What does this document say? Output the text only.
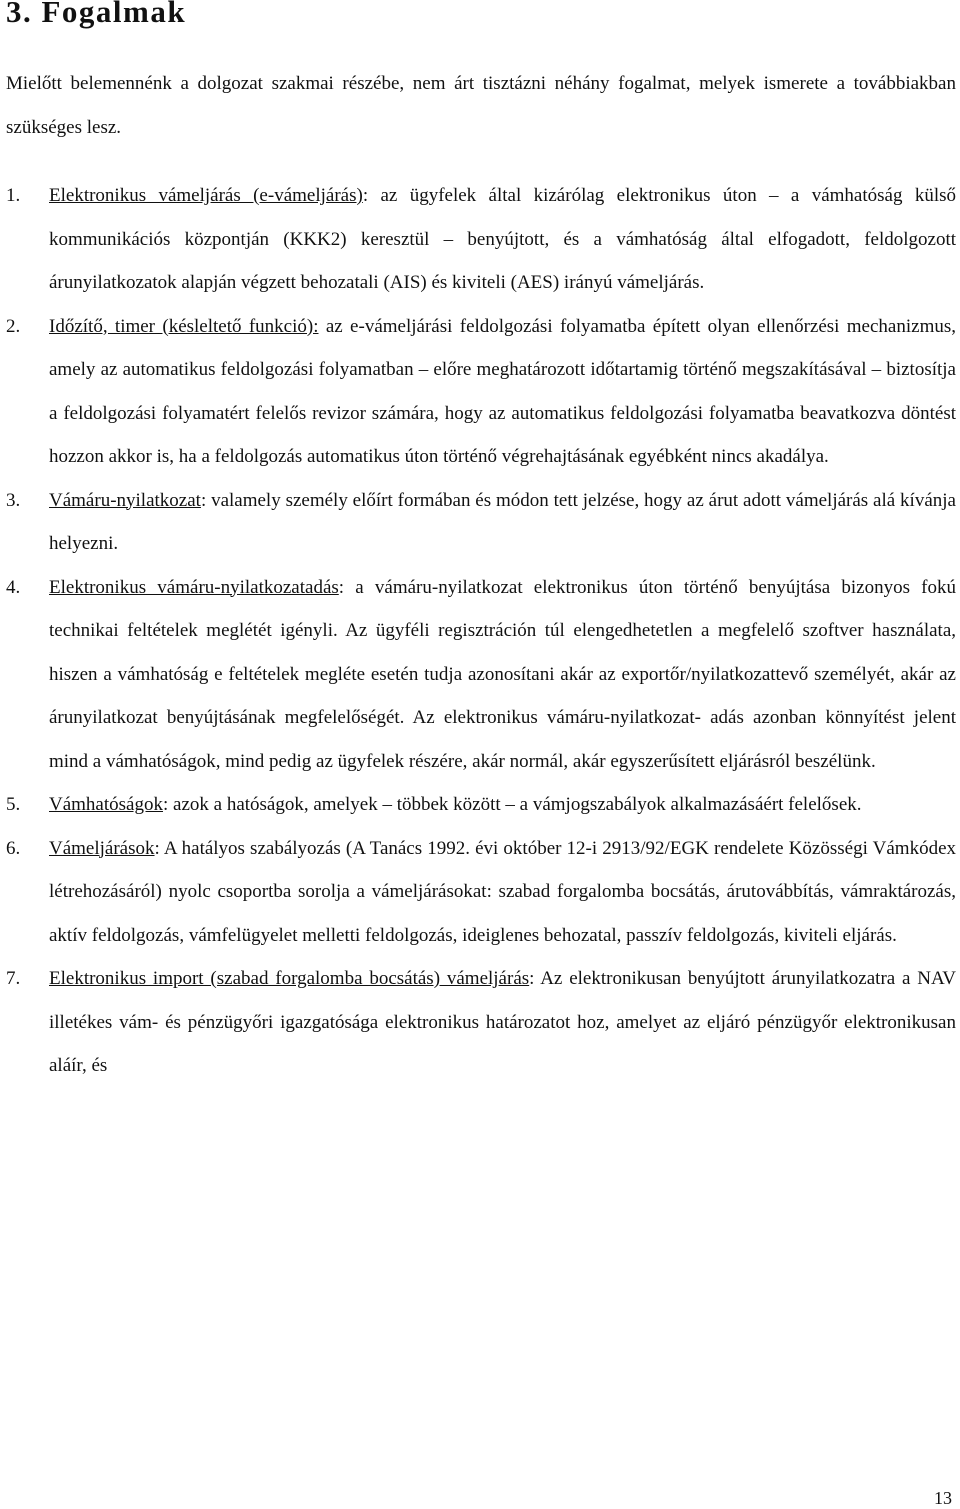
3. Fogalmak

Mielőtt belemennénk a dolgozat szakmai részébe, nem árt tisztázni néhány fogalmat, melyek ismerete a továbbiakban szükséges lesz.

1. Elektronikus vámeljárás (e-vámeljárás): az ügyfelek által kizárólag elektronikus úton – a vámhatóság külső kommunikációs központján (KKK2) keresztül – benyújtott, és a vámhatóság által elfogadott, feldolgozott árunyilatkozatok alapján végzett behozatali (AIS) és kiviteli (AES) irányú vámeljárás.
2. Időzítő, timer (késleltető funkció): az e-vámeljárási feldolgozási folyamatba épített olyan ellenőrzési mechanizmus, amely az automatikus feldolgozási folyamatban – előre meghatározott időtartamig történő megszakításával – biztosítja a feldolgozási folyamatért felelős revizor számára, hogy az automatikus feldolgozási folyamatba beavatkozva döntést hozzon akkor is, ha a feldolgozás automatikus úton történő végrehajtásának egyébként nincs akadálya.
3. Vámáru-nyilatkozat: valamely személy előírt formában és módon tett jelzése, hogy az árut adott vámeljárás alá kívánja helyezni.
4. Elektronikus vámáru-nyilatkozatadás: a vámáru-nyilatkozat elektronikus úton történő benyújtása bizonyos fokú technikai feltételek meglétét igényli. Az ügyféli regisztráción túl elengedhetetlen a megfelelő szoftver használata, hiszen a vámhatóság e feltételek megléte esetén tudja azonosítani akár az exportőr/nyilatkozattevő személyét, akár az árunyilatkozat benyújtásának megfelelőségét. Az elektronikus vámáru-nyilatkozat- adás azonban könnyítést jelent mind a vámhatóságok, mind pedig az ügyfelek részére, akár normál, akár egyszerűsített eljárásról beszélünk.
5. Vámhatóságok: azok a hatóságok, amelyek – többek között – a vámjogszabályok alkalmazásáért felelősek.
6. Vámeljárások: A hatályos szabályozás (A Tanács 1992. évi október 12-i 2913/92/EGK rendelete Közösségi Vámkódex létrehozásáról) nyolc csoportba sorolja a vámeljárásokat: szabad forgalomba bocsátás, árutovábbítás, vámraktározás, aktív feldolgozás, vámfelügyelet melletti feldolgozás, ideiglenes behozatal, passzív feldolgozás, kiviteli eljárás.
7. Elektronikus import (szabad forgalomba bocsátás) vámeljárás: Az elektronikusan benyújtott árunyilatkozatra a NAV illetékes vám- és pénzügyőri igazgatósága elektronikus határozatot hoz, amelyet az eljáró pénzügyőr elektronikusan aláír, és
13
